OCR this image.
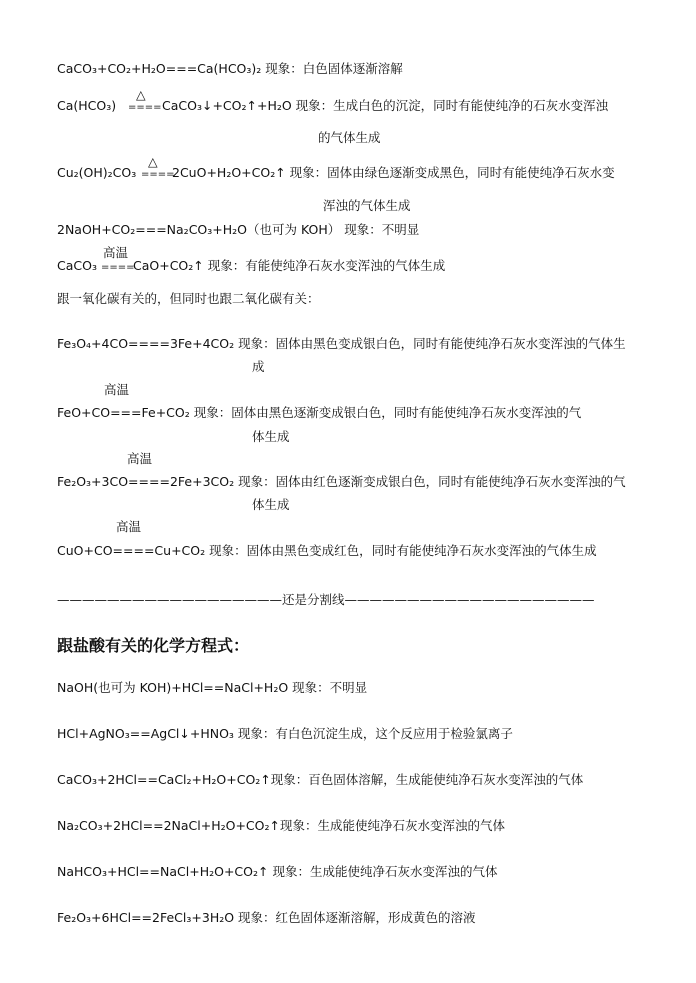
CaCO₃+CO₂+H₂O===Ca(HCO₃)₂ 现象：白色固体逐渐溶解
Ca(HCO₃)
△
==== CaCO₃↓+CO₂↑+H₂O 现象：生成白色的沉淀，同时有能使纯净的石灰水变浑浊
的气体生成
△
Cu₂(OH)₂CO₃ ====
2CuO+H₂O+CO₂↑ 现象：固体由绿色逐渐变成黑色，同时有能使纯净石灰水变
浑浊的气体生成
2NaOH+CO₂===Na₂CO₃+H₂O（也可为 KOH） 现象：不明显
高温
CaCO₃ ====
CaO+CO₂↑ 现象：有能使纯净石灰水变浑浊的气体生成
跟一氧化碳有关的，但同时也跟二氧化碳有关：
Fe₃O₄+4CO====3Fe+4CO₂ 现象：固体由黑色变成银白色，同时有能使纯净石灰水变浑浊的气体生
成
高温
FeO+CO===Fe+CO₂ 现象：固体由黑色逐渐变成银白色，同时有能使纯净石灰水变浑浊的气
体生成
高温
Fe₂O₃+3CO====2Fe+3CO₂ 现象：固体由红色逐渐变成银白色，同时有能使纯净石灰水变浑浊的气
体生成
高温
CuO+CO====Cu+CO₂ 现象：固体由黑色变成红色，同时有能使纯净石灰水变浑浊的气体生成
——————————————————还是分割线————————————————————
跟盐酸有关的化学方程式：
NaOH(也可为 KOH)+HCl==NaCl+H₂O 现象：不明显
HCl+AgNO₃==AgCl↓+HNO₃ 现象：有白色沉淀生成，这个反应用于检验氯离子
CaCO₃+2HCl==CaCl₂+H₂O+CO₂↑现象：百色固体溶解，生成能使纯净石灰水变浑浊的气体
Na₂CO₃+2HCl==2NaCl+H₂O+CO₂↑现象：生成能使纯净石灰水变浑浊的气体
NaHCO₃+HCl==NaCl+H₂O+CO₂↑ 现象：生成能使纯净石灰水变浑浊的气体
Fe₂O₃+6HCl==2FeCl₃+3H₂O 现象：红色固体逐渐溶解，形成黄色的溶液
